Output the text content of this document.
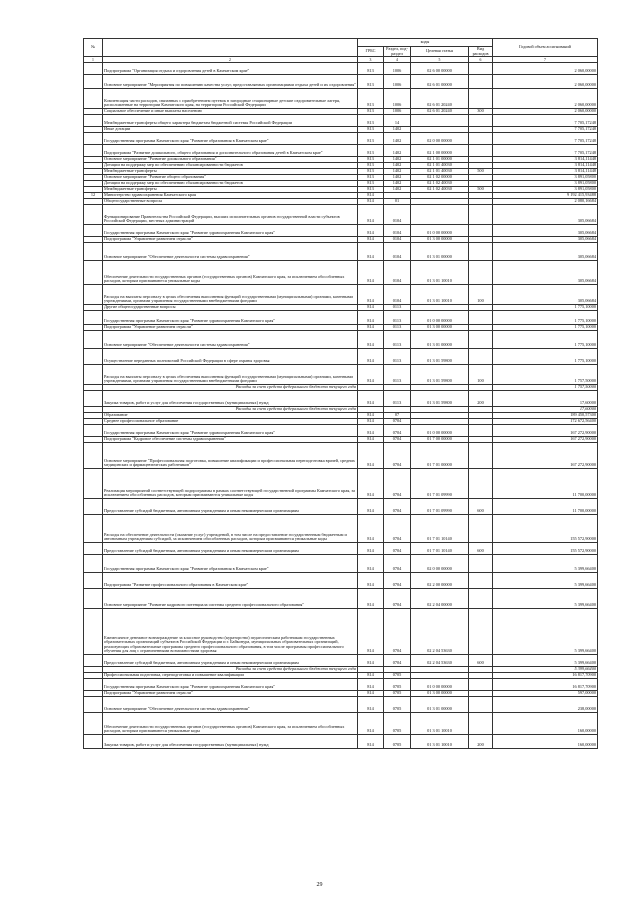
№		коды				Годовой объем ассигнований
		ГРБС	Раздел, под-раздел	Целевая статья	Вид расходов	
1	2	3	4	5	6	7
	Подпрограмма "Организация отдыха и оздоровления детей в Камчатском крае"	813	1006	02 6 00 00000		2 060,00000
	Основное мероприятие "Мероприятия по повышению качества услуг, предоставляемых организациями отдыха детей и их оздоровления"	813	1006	02 6 01 00000		2 060,00000
	Компенсация части расходов, связанных с приобретением путевок в загородные стационарные детские оздоровительные лагеря, расположенные на территории Камчатского края, на территории Российской Федерации	813	1006	02 6 01 20240		2 060,00000
	Социальное обеспечение и иные выплаты населению	813	1006	02 6 01 20240	300	2 060,00000
	Межбюджетные трансферты общего характера бюджетам бюджетной системы Российской Федерации	813	14			7 705,17248
	Иные дотации	813	1402			7 705,17248
	Государственная программа Камчатского края "Развитие образования в Камчатском крае"	813	1402	02 0 00 00000		7 705,17248
	Подпрограмма "Развитие дошкольного, общего образования и дополнительного образования детей в Камчатском крае"	813	1402	02 1 00 00000		7 705,17248
	Основное мероприятие "Развитие дошкольного образования"	813	1402	02 1 01 00000		3 814,11448
	Дотации на поддержку мер по обеспечению сбалансированности бюджетов	813	1402	02 1 01 40030		3 814,11448
	Межбюджетные трансферты	813	1402	02 1 01 40030	500	3 814,11448
	Основное мероприятие "Развитие общего образования"	813	1402	02 1 02 00000		3 891,05800
	Дотации на поддержку мер по обеспечению сбалансированности бюджетов	813	1402	02 1 02 40030		3 891,05800
	Межбюджетные трансферты	813	1402	02 1 02 40030	500	3 891,05800
12	Министерство здравоохранения Камчатского края	814				9 192 415,93488
	Общегосударственные вопросы	814	01			2 080,16684
	Функционирование Правительства Российской Федерации, высших исполнительных органов государственной власти субъектов Российской Федерации, местных администраций	814	0104			305,06684
	Государственная программа Камчатского края "Развитие здравоохранения Камчатского края"	814	0104	01 0 00 00000		305,06684
	Подпрограмма "Управление развитием отрасли"	814	0104	01 3 00 00000		305,06684
	Основное мероприятие "Обеспечение деятельности системы здравоохранения"	814	0104	01 3 01 00000		305,06684
	Обеспечение деятельности государственных органов (государственных органов) Камчатского края, за исключением обособленных расходов, которым присваиваются уникальные коды	814	0104	01 3 01 10010		305,06684
	Расходы на выплаты персоналу в целях обеспечения выполнения функций государственными (муниципальными) органами, казенными учреждениями, органами управления государственными внебюджетными фондами	814	0104	01 3 01 10010	100	305,06684
	Другие общегосударственные вопросы	814	0113			1 775,10000
	Государственная программа Камчатского края "Развитие здравоохранения Камчатского края"	814	0113	01 0 00 00000		1 775,10000
	Подпрограмма "Управление развитием отрасли"	814	0113	01 3 00 00000		1 775,10000
	Основное мероприятие "Обеспечение деятельности системы здравоохранения"	814	0113	01 3 01 00000		1 775,10000
	Осуществление переданных полномочий Российской Федерации в сфере охраны здоровья	814	0113	01 3 01 59800		1 775,10000
	Расходы на выплаты персоналу в целях обеспечения выполнения функций государственными (муниципальными) органами, казенными учреждениями, органами управления государственными внебюджетными фондами	814	0113	01 3 01 59800	100	1 757,50000
	Расходы за счет средств федерального бюджета текущего года					1 757,50000
	Закупка товаров, работ и услуг для обеспечения государственных (муниципальных) нужд	814	0113	01 3 01 59800	200	17,60000
	Расходы за счет средств федерального бюджета текущего года					17,60000
	Образование	814	07			189 450,57300
	Среднее профессиональное образование	814	0704			172 672,56400
	Государственная программа Камчатского края "Развитие здравоохранения Камчатского края"	814	0704	01 0 00 00000		167 272,90000
	Подпрограмма "Кадровое обеспечение системы здравоохранения"	814	0704	01 7 00 00000		167 272,90000
	Основное мероприятие "Профессиональная подготовка, повышение квалификации и профессиональная переподготовка врачей, средних медицинских и фармацевтических работников"	814	0704	01 7 01 00000		167 272,90000
	Реализация мероприятий соответствующей подпрограммы в рамках соответствующей государственной программы Камчатского края, за исключением обособленных расходов, которым присваиваются уникальные коды	814	0704	01 7 01 09990		11 700,00000
	Предоставление субсидий бюджетным, автономным учреждениям и иным некоммерческим организациям	814	0704	01 7 01 09990	600	11 700,00000
	Расходы на обеспечение деятельности (оказание услуг) учреждений, в том числе на предоставление государственным бюджетным и автономным учреждениям субсидий, за исключением обособленных расходов, которым присваиваются уникальные коды	814	0704	01 7 01 10140		155 572,90000
	Предоставление субсидий бюджетным, автономным учреждениям и иным некоммерческим организациям	814	0704	01 7 01 10140	600	155 572,90000
	Государственная программа Камчатского края "Развитие образования в Камчатском крае"	814	0704	02 0 00 00000		5 399,66400
	Подпрограмма "Развитие профессионального образования в Камчатском крае"	814	0704	02 2 00 00000		5 399,66400
	Основное мероприятие "Развитие кадрового потенциала системы среднего профессионального образования"	814	0704	02 2 04 00000		5 399,66400
	Ежемесячное денежное вознаграждение за классное руководство (кураторство) педагогическим работникам государственных образовательных организаций субъектов Российской Федерации и г. Байконура, муниципальных образовательных организаций, реализующих образовательные программы среднего профессионального образования, в том числе программы профессионального обучения для лиц с ограниченными возможностями здоровья	814	0704	02 2 04 53630		5 399,66400
	Предоставление субсидий бюджетным, автономным учреждениям и иным некоммерческим организациям	814	0704	02 2 04 53630	600	5 399,66400
	Расходы за счет средств федерального бюджета текущего года					5 399,66400
	Профессиональная подготовка, переподготовка и повышение квалификации	814	0705			16 817,70900
	Государственная программа Камчатского края "Развитие здравоохранения Камчатского края"	814	0705	01 0 00 00000		16 817,70900
	Подпрограмма "Управление развитием отрасли"	814	0705	01 3 00 00000		597,00000
	Основное мероприятие "Обеспечение деятельности системы здравоохранения"	814	0705	01 3 01 00000		238,00000
	Обеспечение деятельности государственных органов (государственных органов) Камчатского края, за исключением обособленных расходов, которым присваиваются уникальные коды	814	0705	01 3 01 10010		160,00000
	Закупка товаров, работ и услуг для обеспечения государственных (муниципальных) нужд	814	0705	01 3 01 10010	200	160,00000
29
